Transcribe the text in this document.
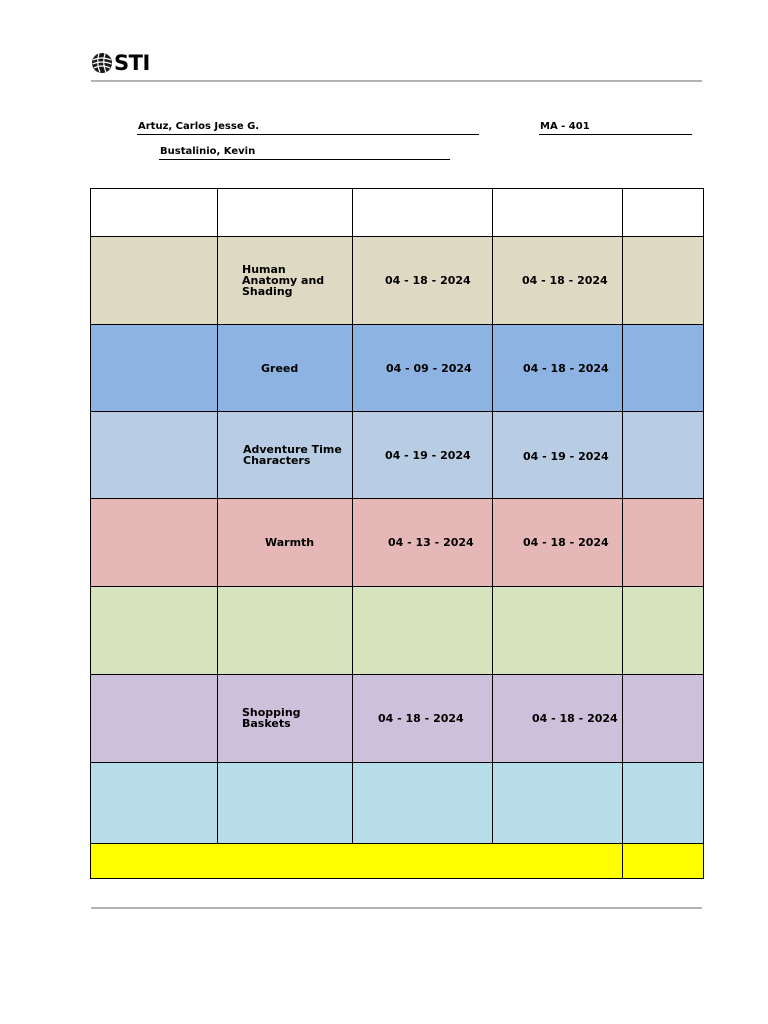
STI
Artuz, Carlos Jesse G.	MA - 401
Bustalinio, Kevin

	Human Anatomy and Shading	04 - 18 - 2024	04 - 18 - 2024	

	Greed	04 - 09 - 2024	04 - 18 - 2024	

	Adventure Time Characters	04 - 19 - 2024	04 - 19 - 2024	

	Warmth	04 - 13 - 2024	04 - 18 - 2024	

	Shopping Baskets	04 - 18 - 2024	04 - 18 - 2024	
